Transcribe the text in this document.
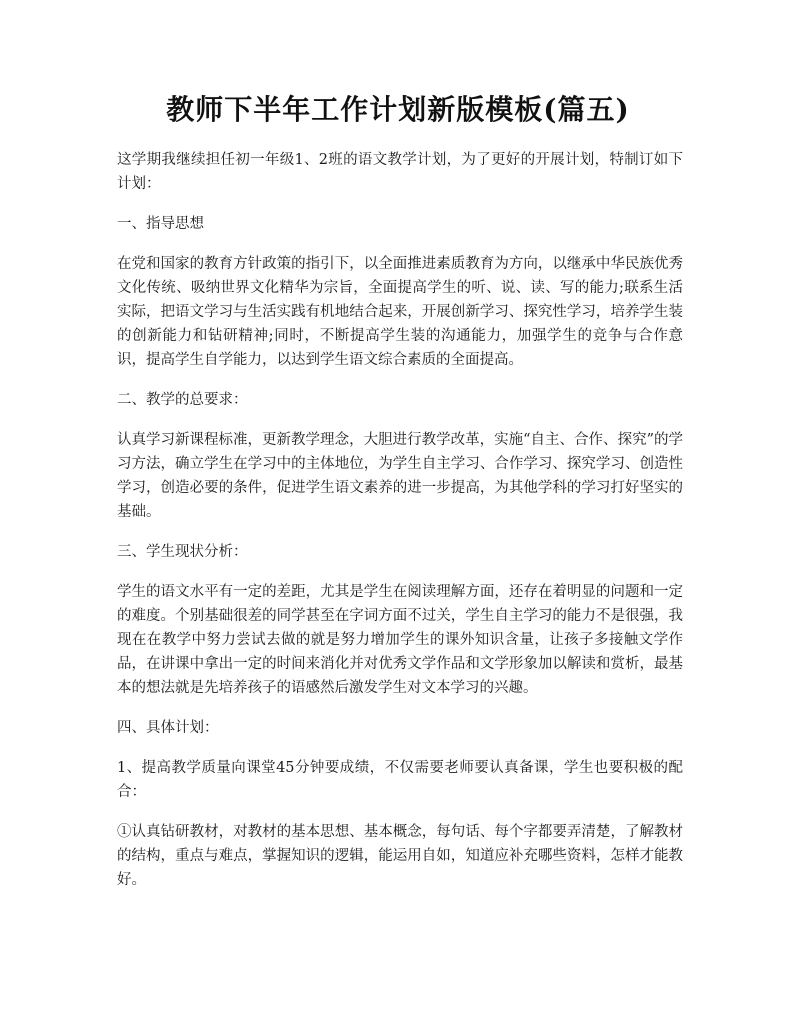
教师下半年工作计划新版模板(篇五)

这学期我继续担任初一年级1、2班的语文教学计划，为了更好的开展计划，特制订如下计划：

一、指导思想

在党和国家的教育方针政策的指引下，以全面推进素质教育为方向，以继承中华民族优秀文化传统、吸纳世界文化精华为宗旨，全面提高学生的听、说、读、写的能力;联系生活实际，把语文学习与生活实践有机地结合起来，开展创新学习、探究性学习，培养学生装的创新能力和钻研精神;同时，不断提高学生装的沟通能力，加强学生的竞争与合作意识，提高学生自学能力，以达到学生语文综合素质的全面提高。

二、教学的总要求：

认真学习新课程标准，更新教学理念，大胆进行教学改革，实施“自主、合作、探究”的学习方法，确立学生在学习中的主体地位，为学生自主学习、合作学习、探究学习、创造性学习，创造必要的条件，促进学生语文素养的进一步提高，为其他学科的学习打好坚实的基础。

三、学生现状分析：

学生的语文水平有一定的差距，尤其是学生在阅读理解方面，还存在着明显的问题和一定的难度。个别基础很差的同学甚至在字词方面不过关，学生自主学习的能力不是很强，我现在在教学中努力尝试去做的就是努力增加学生的课外知识含量，让孩子多接触文学作品，在讲课中拿出一定的时间来消化并对优秀文学作品和文学形象加以解读和赏析，最基本的想法就是先培养孩子的语感然后激发学生对文本学习的兴趣。

四、具体计划：

1、提高教学质量向课堂45分钟要成绩，不仅需要老师要认真备课，学生也要积极的配合：

①认真钻研教材，对教材的基本思想、基本概念，每句话、每个字都要弄清楚，了解教材的结构，重点与难点，掌握知识的逻辑，能运用自如，知道应补充哪些资料，怎样才能教好。
